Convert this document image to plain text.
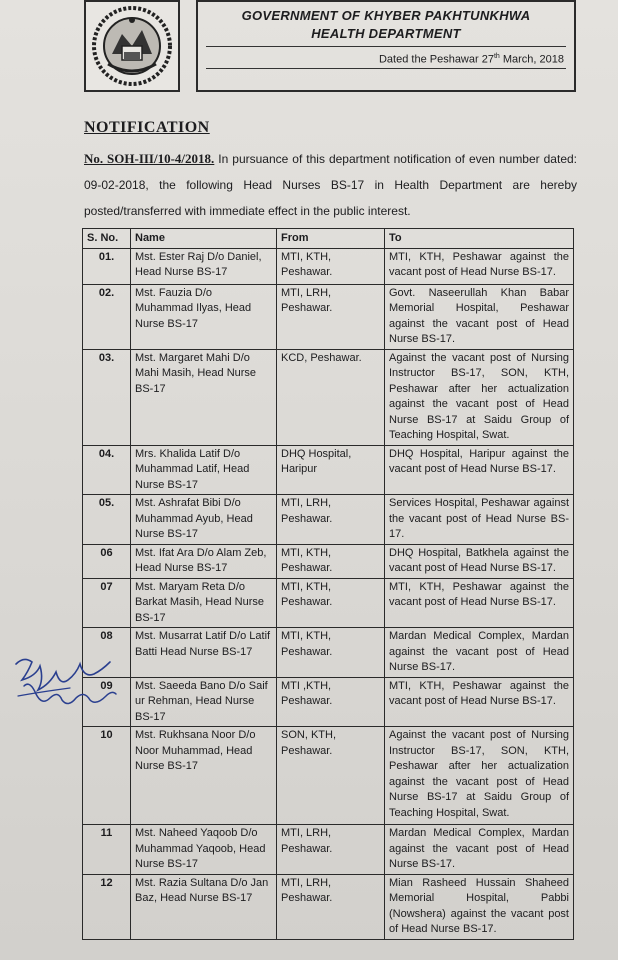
GOVERNMENT OF KHYBER PAKHTUNKHWA
HEALTH DEPARTMENT
Dated the Peshawar 27th March, 2018
NOTIFICATION
No. SOH-III/10-4/2018. In pursuance of this department notification of even number dated: 09-02-2018, the following Head Nurses BS-17 in Health Department are hereby posted/transferred with immediate effect in the public interest.
S. No.	Name	From	To
01.	Mst. Ester Raj D/o Daniel, Head Nurse BS-17	MTI, KTH, Peshawar.	MTI, KTH, Peshawar against the vacant post of Head Nurse BS-17.
02.	Mst. Fauzia D/o Muhammad Ilyas, Head Nurse BS-17	MTI, LRH, Peshawar.	Govt. Naseerullah Khan Babar Memorial Hospital, Peshawar against the vacant post of Head Nurse BS-17.
03.	Mst. Margaret Mahi D/o Mahi Masih, Head Nurse BS-17	KCD, Peshawar.	Against the vacant post of Nursing Instructor BS-17, SON, KTH, Peshawar after her actualization against the vacant post of Head Nurse BS-17 at Saidu Group of Teaching Hospital, Swat.
04.	Mrs. Khalida Latif D/o Muhammad Latif, Head Nurse BS-17	DHQ Hospital, Haripur	DHQ Hospital, Haripur against the vacant post of Head Nurse BS-17.
05.	Mst. Ashrafat Bibi D/o Muhammad Ayub, Head Nurse BS-17	MTI, LRH, Peshawar.	Services Hospital, Peshawar against the vacant post of Head Nurse BS-17.
06	Mst. Ifat Ara D/o Alam Zeb, Head Nurse BS-17	MTI, KTH, Peshawar.	DHQ Hospital, Batkhela against the vacant post of Head Nurse BS-17.
07	Mst. Maryam Reta D/o Barkat Masih, Head Nurse BS-17	MTI, KTH, Peshawar.	MTI, KTH, Peshawar against the vacant post of Head Nurse BS-17.
08	Mst. Musarrat Latif D/o Latif Batti Head Nurse BS-17	MTI, KTH, Peshawar.	Mardan Medical Complex, Mardan against the vacant post of Head Nurse BS-17.
09	Mst. Saeeda Bano D/o Saif ur Rehman, Head Nurse BS-17	MTI ,KTH, Peshawar.	MTI, KTH, Peshawar against the vacant post of Head Nurse BS-17.
10	Mst. Rukhsana Noor D/o Noor Muhammad, Head Nurse BS-17	SON, KTH, Peshawar.	Against the vacant post of Nursing Instructor BS-17, SON, KTH, Peshawar after her actualization against the vacant post of Head Nurse BS-17 at Saidu Group of Teaching Hospital, Swat.
11	Mst. Naheed Yaqoob D/o Muhammad Yaqoob, Head Nurse BS-17	MTI, LRH, Peshawar.	Mardan Medical Complex, Mardan against the vacant post of Head Nurse BS-17.
12	Mst. Razia Sultana D/o Jan Baz, Head Nurse BS-17	MTI, LRH, Peshawar.	Mian Rasheed Hussain Shaheed Memorial Hospital, Pabbi (Nowshera) against the vacant post of Head Nurse BS-17.
